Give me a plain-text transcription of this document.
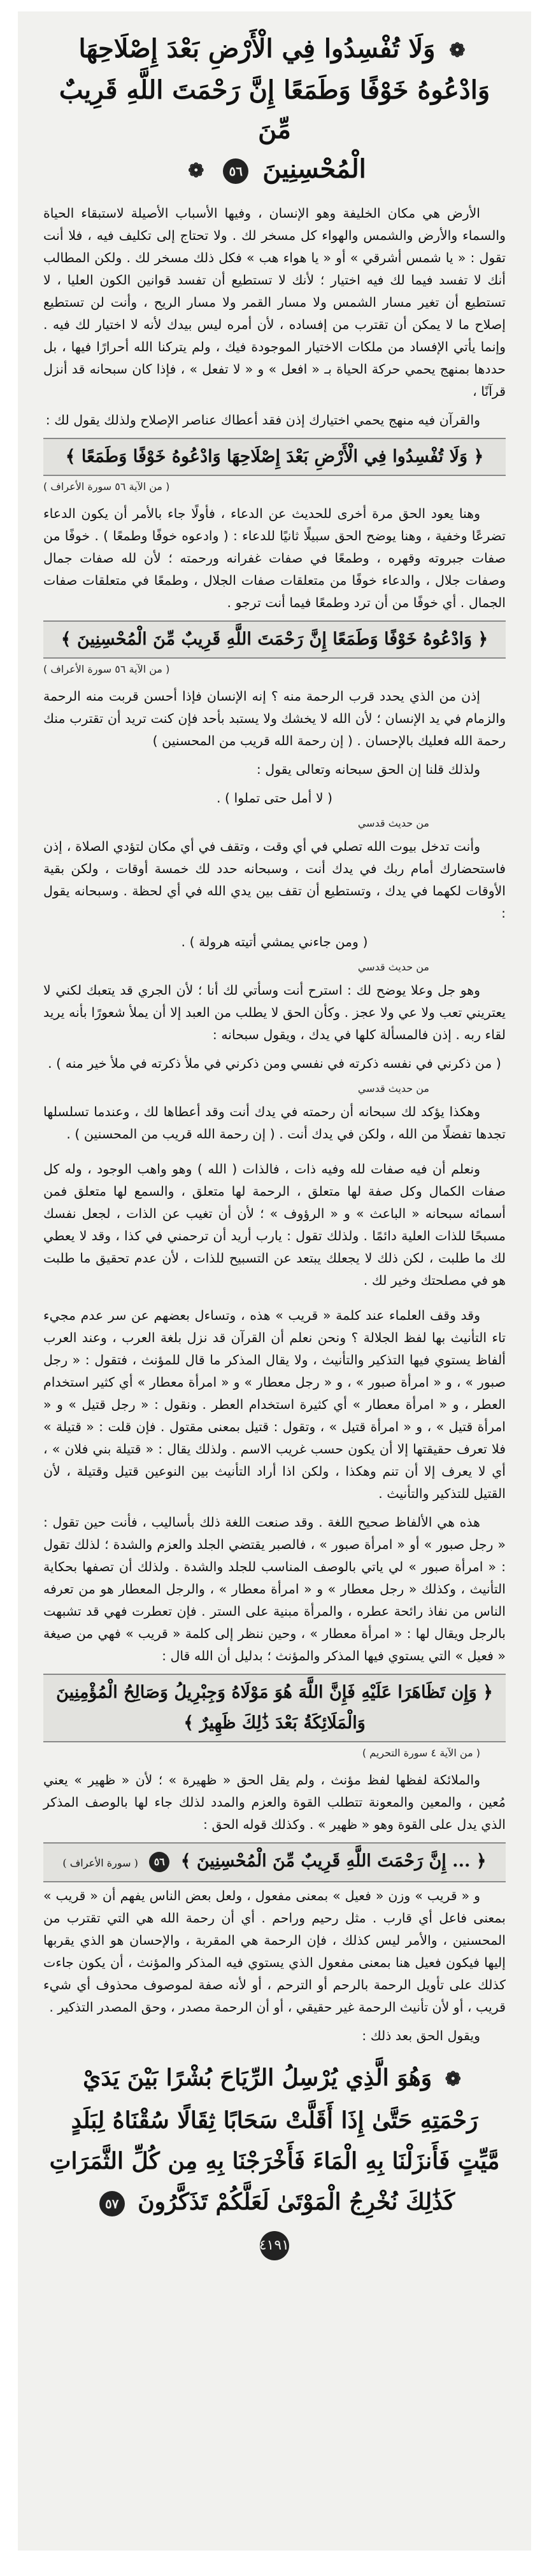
❁ وَلَا تُفْسِدُوا فِي الْأَرْضِ بَعْدَ إِصْلَاحِهَا
وَادْعُوهُ خَوْفًا وَطَمَعًا إِنَّ رَحْمَتَ اللَّهِ قَرِيبٌ مِّنَ
الْمُحْسِنِينَ ٥٦ ❁

الأرض هي مكان الخليفة وهو الإنسان ، وفيها الأسباب الأصيلة لاستبقاء الحياة والسماء والأرض والشمس والهواء كل مسخر لك . ولا تحتاج إلى تكليف فيه ، فلا أنت تقول : « يا شمس أشرقي » أو « يا هواء هب » فكل ذلك مسخر لك . ولكن المطالب أنك لا تفسد فيما لك فيه اختيار ؛ لأنك لا تستطيع أن تفسد قوانين الكون العليا ، لا تستطيع أن تغير مسار الشمس ولا مسار القمر ولا مسار الريح ، وأنت لن تستطيع إصلاح ما لا يمكن أن تقترب من إفساده ، لأن أمره ليس بيدك لأنه لا اختيار لك فيه . وإنما يأتي الإفساد من ملكات الاختيار الموجودة فيك ، ولم يتركنا الله أحرارًا فيها ، بل حددها بمنهج يحمي حركة الحياة بـ « افعل » و « لا تفعل » ، فإذا كان سبحانه قد أنزل قرآنًا ،

والقرآن فيه منهج يحمي اختيارك إذن فقد أعطاك عناصر الإصلاح ولذلك يقول لك :

﴿ وَلَا تُفْسِدُوا فِي الْأَرْضِ بَعْدَ إِصْلَاحِهَا وَادْعُوهُ خَوْفًا وَطَمَعًا ﴾
( من الآية ٥٦ سورة الأعراف )

وهنا يعود الحق مرة أخرى للحديث عن الدعاء ، فأولًا جاء بالأمر أن يكون الدعاء تضرعًا وخفية ، وهنا يوضح الحق سبيلًا ثانيًا للدعاء : ( وادعوه خوفًا وطمعًا ) . خوفًا من صفات جبروته وقهره ، وطمعًا في صفات غفرانه ورحمته ؛ لأن لله صفات جمال وصفات جلال ، والدعاء خوفًا من متعلقات صفات الجلال ، وطمعًا في متعلقات صفات الجمال . أي خوفًا من أن ترد وطمعًا فيما أنت ترجو .

﴿ وَادْعُوهُ خَوْفًا وَطَمَعًا إِنَّ رَحْمَتَ اللَّهِ قَرِيبٌ مِّنَ الْمُحْسِنِينَ ﴾
( من الآية ٥٦ سورة الأعراف )

إذن من الذي يحدد قرب الرحمة منه ؟ إنه الإنسان فإذا أحسن قربت منه الرحمة والزمام في يد الإنسان ؛ لأن الله لا يخشك ولا يستبد بأحد فإن كنت تريد أن تقترب منك رحمة الله فعليك بالإحسان . ( إن رحمة الله قريب من المحسنين )

ولذلك قلنا إن الحق سبحانه وتعالى يقول :

( لا أمل حتى تملوا ) .
من حديث قدسي

وأنت تدخل بيوت الله تصلي في أي وقت ، وتقف في أي مكان لتؤدي الصلاة ، إذن فاستحضارك أمام ربك في يدك أنت ، وسبحانه حدد لك خمسة أوقات ، ولكن بقية الأوقات لكهما في يدك ، وتستطيع أن تقف بين يدي الله في أي لحظة . وسبحانه يقول :

( ومن جاءني يمشي أتيته هرولة ) .
من حديث قدسي

وهو جل وعلا يوضح لك : استرح أنت وسأتي لك أنا ؛ لأن الجري قد يتعبك لكني لا يعتريني تعب ولا عي ولا عجز . وكأن الحق لا يطلب من العبد إلا أن يملأ شعورًا بأنه يريد لقاء ربه . إذن فالمسألة كلها في يدك ، ويقول سبحانه :

( من ذكرني في نفسه ذكرته في نفسي ومن ذكرني في ملأ ذكرته في ملأ خير منه ) .
من حديث قدسي

وهكذا يؤكد لك سبحانه أن رحمته في يدك أنت وقد أعطاها لك ، وعندما تسلسلها تجدها تفضلًا من الله ، ولكن في يدك أنت . ( إن رحمة الله قريب من المحسنين ) .

ونعلم أن فيه صفات لله وفيه ذات ، فالذات ( الله ) وهو واهب الوجود ، وله كل صفات الكمال وكل صفة لها متعلق ، الرحمة لها متعلق ، والسمع لها متعلق فمن أسمائه سبحانه « الباعث » و « الرؤوف » ؛ لأن أن تغيب عن الذات ، لجعل نفسك مسبحًا للذات العلية دائمًا . ولذلك تقول : يارب أريد أن ترحمني في كذا ، وقد لا يعطي لك ما طلبت ، لكن ذلك لا يجعلك يبتعد عن التسبيح للذات ، لأن عدم تحقيق ما طلبت هو في مصلحتك وخير لك .

وقد وقف العلماء عند كلمة « قريب » هذه ، وتساءل بعضهم عن سر عدم مجيء تاء التأنيث بها لفظ الجلالة ؟ ونحن نعلم أن القرآن قد نزل بلغة العرب ، وعند العرب ألفاظ يستوي فيها التذكير والتأنيث ، ولا يقال المذكر ما قال للمؤنث ، فتقول : « رجل صبور » ، و « امرأة صبور » ، و « رجل معطار » و « امرأة معطار » أي كثير استخدام العطر ، و « امرأة معطار » أي كثيرة استخدام العطر . ونقول : « رجل قتيل » و « امرأة قتيل » ، و « امرأة قتيل » ، وتقول : قتيل بمعنى مقتول . فإن قلت : « قتيلة » فلا تعرف حقيقتها إلا أن يكون حسب غريب الاسم . ولذلك يقال : « قتيلة بني فلان » ، أي لا يعرف إلا أن تنم وهكذا ، ولكن اذا أراد التأنيث بين النوعين قتيل وقتيلة ، لأن القتيل للتذكير والتأنيث .

هذه هي الألفاظ صحيح اللغة . وقد صنعت اللغة ذلك بأساليب ، فأنت حين تقول : « رجل صبور » أو « امرأة صبور » ، فالصبر يقتضي الجلد والعزم والشدة ؛ لذلك تقول : « امرأة صبور » لي ياتي بالوصف المناسب للجلد والشدة . ولذلك أن تصفها بحكاية التأنيث ، وكذلك « رجل معطار » و « امرأة معطار » ، والرجل المعطار هو من تعرفه الناس من نفاذ رائحة عطره ، والمرأة مبنية على الستر . فإن تعطرت فهي قد تشبهت بالرجل ويقال لها : « امرأة معطار » ، وحين ننظر إلى كلمة « قريب » فهي من صيغة « فعيل » التي يستوي فيها المذكر والمؤنث ؛ بدليل أن الله قال :

﴿ وَإِن تَظَاهَرَا عَلَيْهِ فَإِنَّ اللَّهَ هُوَ مَوْلَاهُ وَجِبْرِيلُ وَصَالِحُ الْمُؤْمِنِينَ وَالْمَلَائِكَةُ بَعْدَ ذَٰلِكَ ظَهِيرٌ ﴾
( من الآية ٤ سورة التحريم )

والملائكة لفظها لفظ مؤنث ، ولم يقل الحق « ظهيرة » ؛ لأن « ظهير » يعني مُعين ، والمعين والمعونة تتطلب القوة والعزم والمدد لذلك جاء لها بالوصف المذكر الذي يدل على القوة وهو « ظهير » . وكذلك قوله الحق :

﴿ ... إِنَّ رَحْمَتَ اللَّهِ قَرِيبٌ مِّنَ الْمُحْسِنِينَ ﴾ ٥٦ ( سورة الأعراف )

و « قريب » وزن « فعيل » بمعنى مفعول ، ولعل بعض الناس يفهم أن « قريب » بمعنى فاعل أي قارب . مثل رحيم وراحم . أي أن رحمة الله هي التي تقترب من المحسنين ، والأمر ليس كذلك ، فإن الرحمة هي المقربة ، والإحسان هو الذي يقربها إليها فيكون فعيل هنا بمعنى مفعول الذي يستوي فيه المذكر والمؤنث ، أن يكون جاءت كذلك على تأويل الرحمة بالرحم أو الترحم ، أو لأنه صفة لموصوف محذوف أي شيء قريب ، أو لأن تأنيث الرحمة غير حقيقي ، أو أن الرحمة مصدر ، وحق المصدر التذكير .

ويقول الحق بعد ذلك :

❁ وَهُوَ الَّذِي يُرْسِلُ الرِّيَاحَ بُشْرًا بَيْنَ يَدَيْ
رَحْمَتِهِ حَتَّىٰ إِذَا أَقَلَّتْ سَحَابًا ثِقَالًا سُقْنَاهُ لِبَلَدٍ
مَّيِّتٍ فَأَنزَلْنَا بِهِ الْمَاءَ فَأَخْرَجْنَا بِهِ مِن كُلِّ الثَّمَرَاتِ
كَذَٰلِكَ نُخْرِجُ الْمَوْتَىٰ لَعَلَّكُمْ تَذَكَّرُونَ ٥٧
٤١٩١
